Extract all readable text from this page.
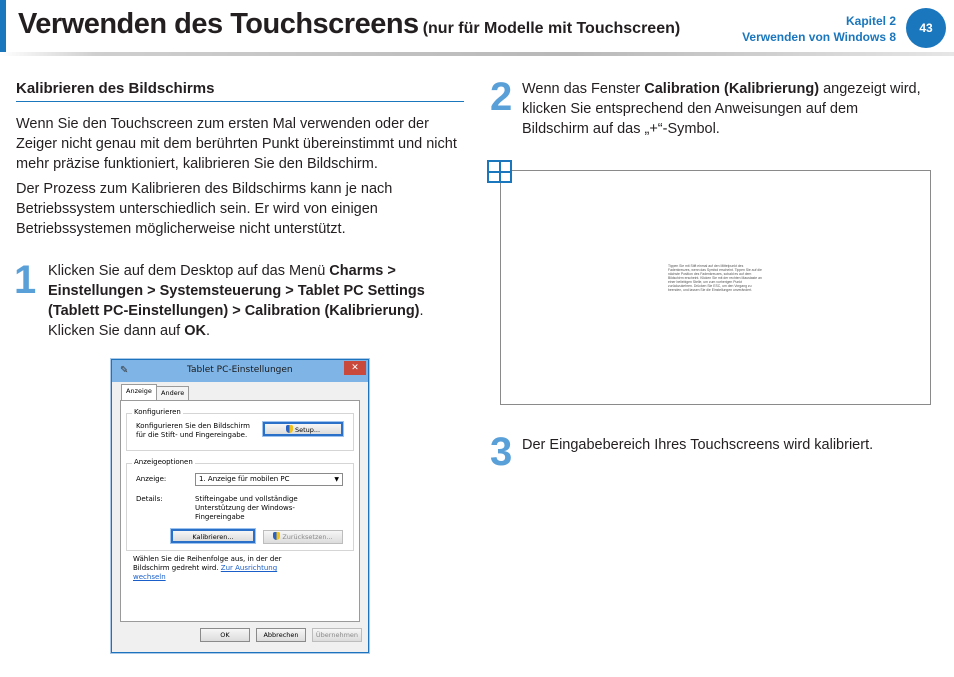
Verwenden des Touchscreens (nur für Modelle mit Touchscreen)	Kapitel 2
Verwenden von Windows 8
43
Kalibrieren des Bildschirms
Wenn Sie den Touchscreen zum ersten Mal verwenden oder der Zeiger nicht genau mit dem berührten Punkt übereinstimmt und nicht mehr präzise funktioniert, kalibrieren Sie den Bildschirm.
Der Prozess zum Kalibrieren des Bildschirms kann je nach Betriebssystem unterschiedlich sein. Er wird von einigen Betriebssystemen möglicherweise nicht unterstützt.
1 Klicken Sie auf dem Desktop auf das Menü Charms > Einstellungen > Systemsteuerung > Tablet PC Settings (Tablett PC-Einstellungen) > Calibration (Kalibrierung). Klicken Sie dann auf OK.
✎	Tablet PC-Einstellungen	✕
Anzeige	Andere
Konfigurieren
Konfigurieren Sie den Bildschirm für die Stift- und Fingereingabe.
Setup...
Anzeigeoptionen
Anzeige:	1. Anzeige für mobilen PC	▼
Details:	Stifteingabe und vollständige Unterstützung der Windows-Fingereingabe
Kalibrieren...	Zurücksetzen...
Wählen Sie die Reihenfolge aus, in der der Bildschirm gedreht wird. Zur Ausrichtung wechseln
OK	Abbrechen	Übernehmen
2 Wenn das Fenster Calibration (Kalibrierung) angezeigt wird, klicken Sie entsprechend den Anweisungen auf dem Bildschirm auf das „+“-Symbol.
Tippen Sie mit Stift einmal auf den Mittelpunkt des Fadenkreuzes, wenn das Symbol erscheint. Tippen Sie auf die nächste Position des Fadenkreuzes, sobald es auf dem Bildschirm erscheint. Klicken Sie mit der rechten Maustaste an einer beliebigen Stelle, um zum vorherigen Punkt zurückzukehren. Drücken Sie ESC, um den Vorgang zu beenden, und lassen Sie die Einstellungen unverändert.
3 Der Eingabebereich Ihres Touchscreens wird kalibriert.
